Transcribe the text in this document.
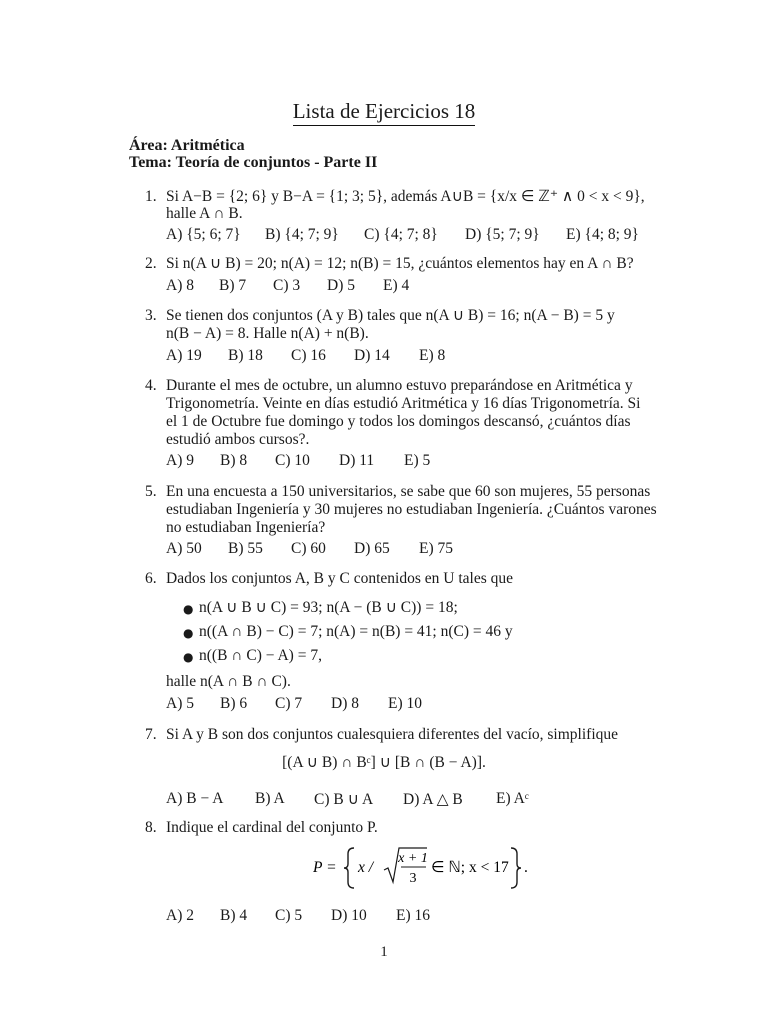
Lista de Ejercicios 18
Área: Aritmética
Tema: Teoría de conjuntos - Parte II
1. Si A−B = {2; 6} y B−A = {1; 3; 5}, además A∪B = {x/x ∈ ℤ⁺ ∧ 0 < x < 9},
halle A ∩ B.
A) {5; 6; 7} B) {4; 7; 9} C) {4; 7; 8} D) {5; 7; 9} E) {4; 8; 9}
2. Si n(A ∪ B) = 20; n(A) = 12; n(B) = 15, ¿cuántos elementos hay en A ∩ B?
A) 8 B) 7 C) 3 D) 5 E) 4
3. Se tienen dos conjuntos (A y B) tales que n(A ∪ B) = 16; n(A − B) = 5 y
n(B − A) = 8. Halle n(A) + n(B).
A) 19 B) 18 C) 16 D) 14 E) 8
4. Durante el mes de octubre, un alumno estuvo preparándose en Aritmética y
Trigonometría. Veinte en días estudió Aritmética y 16 días Trigonometría. Si
el 1 de Octubre fue domingo y todos los domingos descansó, ¿cuántos días
estudió ambos cursos?.
A) 9 B) 8 C) 10 D) 11 E) 5
5. En una encuesta a 150 universitarios, se sabe que 60 son mujeres, 55 personas
estudiaban Ingeniería y 30 mujeres no estudiaban Ingeniería. ¿Cuántos varones
no estudiaban Ingeniería?
A) 50 B) 55 C) 60 D) 65 E) 75
6. Dados los conjuntos A, B y C contenidos en U tales que
● n(A ∪ B ∪ C) = 93; n(A − (B ∪ C)) = 18;
● n((A ∩ B) − C) = 7; n(A) = n(B) = 41; n(C) = 46 y
● n((B ∩ C) − A) = 7,
halle n(A ∩ B ∩ C).
A) 5 B) 6 C) 7 D) 8 E) 10
7. Si A y B son dos conjuntos cualesquiera diferentes del vacío, simplifique
[(A ∪ B) ∩ Bᶜ] ∪ [B ∩ (B − A)].
A) B − A B) A C) B ∪ A D) A △ B E) Aᶜ
8. Indique el cardinal del conjunto P.
P = x /
x + 1
3
∈ ℕ; x < 17 .
A) 2 B) 4 C) 5 D) 10 E) 16
1
